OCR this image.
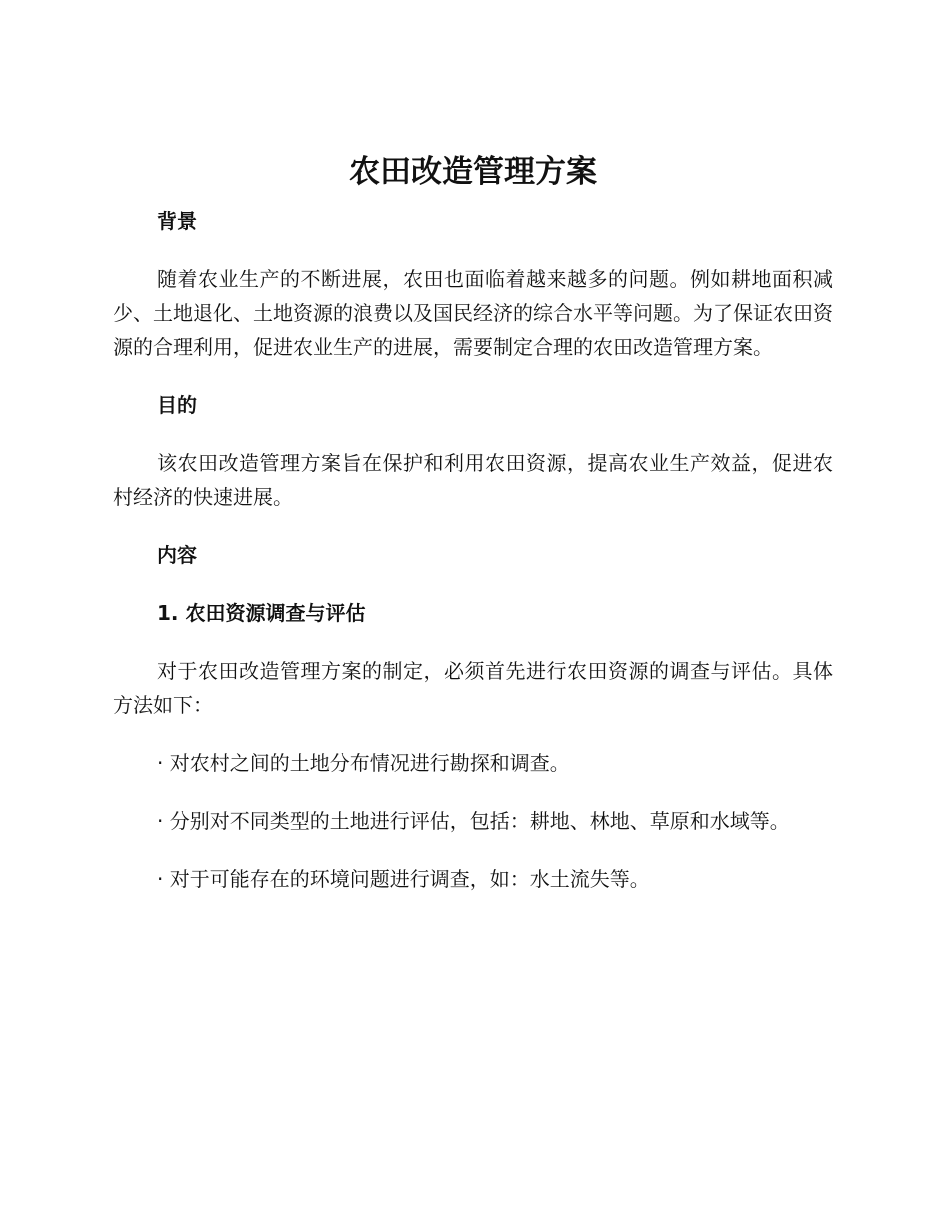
农田改造管理方案
背景

随着农业生产的不断进展，农田也面临着越来越多的问题。例如耕地面积减少、土地退化、土地资源的浪费以及国民经济的综合水平等问题。为了保证农田资源的合理利用，促进农业生产的进展，需要制定合理的农田改造管理方案。

目的

该农田改造管理方案旨在保护和利用农田资源，提高农业生产效益，促进农村经济的快速进展。

内容
1. 农田资源调查与评估

对于农田改造管理方案的制定，必须首先进行农田资源的调查与评估。具体方法如下：

· 对农村之间的土地分布情况进行勘探和调查。

· 分别对不同类型的土地进行评估，包括：耕地、林地、草原和水域等。

· 对于可能存在的环境问题进行调查，如：水土流失等。
